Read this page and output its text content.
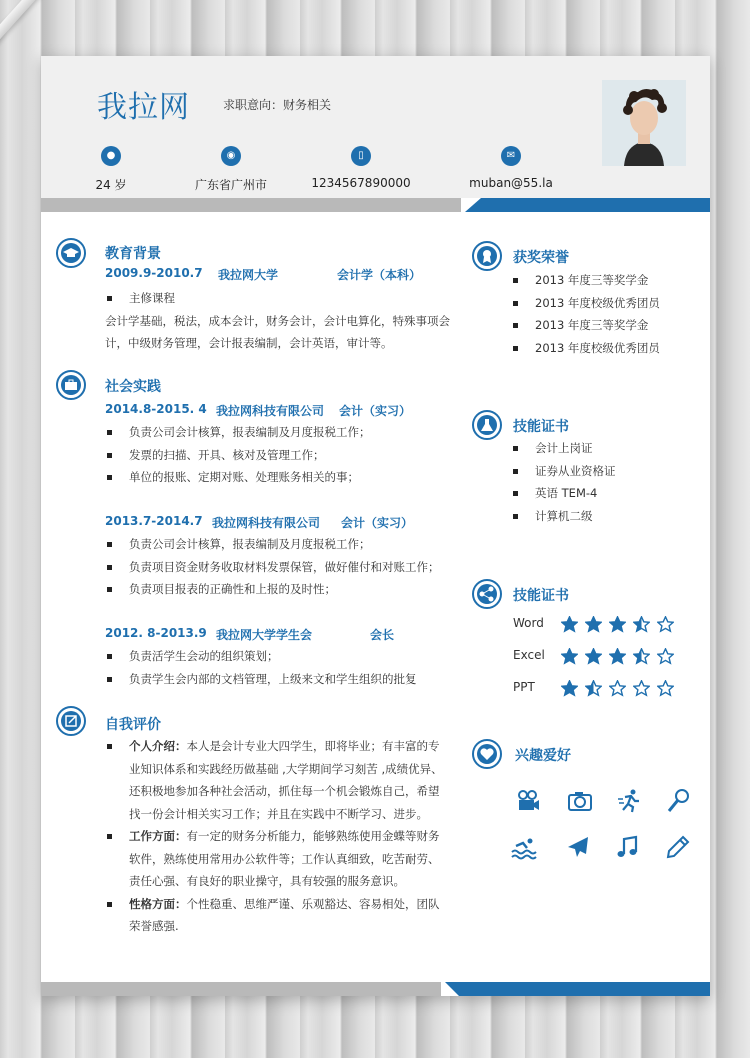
我拉网	求职意向：财务相关
●
24 岁
◉
广东省广州市
▯
1234567890000
✉
muban@55.la
教育背景
2009.9-2010.7 我拉网大学	会计学（本科）
主修课程
会计学基础，税法，成本会计，财务会计，会计电算化，特殊事项会计，中级财务管理，会计报表编制，会计英语，审计等。
社会实践
2014.8-2015. 4 我拉网科技有限公司 会计（实习）
负责公司会计核算，报表编制及月度报税工作；
发票的扫描、开具、核对及管理工作；
单位的报账、定期对账、处理账务相关的事；
2013.7-2014.7 我拉网科技有限公司 会计（实习）
负责公司会计核算，报表编制及月度报税工作；
负责项目资金财务收取材料发票保管，做好催付和对账工作；
负责项目报表的正确性和上报的及时性；
2012. 8-2013.9 我拉网大学学生会	会长
负责活学生会动的组织策划；
负责学生会内部的文档管理，上级来文和学生组织的批复
自我评价
个人介绍：本人是会计专业大四学生，即将毕业；有丰富的专业知识体系和实践经历做基础 ,大学期间学习刻苦 ,成绩优异、还积极地参加各种社会活动，抓住每一个机会锻炼自己，希望找一份会计相关实习工作；并且在实践中不断学习、进步。
工作方面：有一定的财务分析能力，能够熟练使用金蝶等财务软件，熟练使用常用办公软件等；工作认真细致，吃苦耐劳、责任心强、有良好的职业操守，具有较强的服务意识。
性格方面：个性稳重、思维严谨、乐观豁达、容易相处，团队荣誉感强.
获奖荣誉
2013 年度三等奖学金
2013 年度校级优秀团员
2013 年度三等奖学金
2013 年度校级优秀团员
技能证书
会计上岗证
证券从业资格证
英语 TEM-4
计算机二级
技能证书
Word
Excel
PPT
兴趣爱好
